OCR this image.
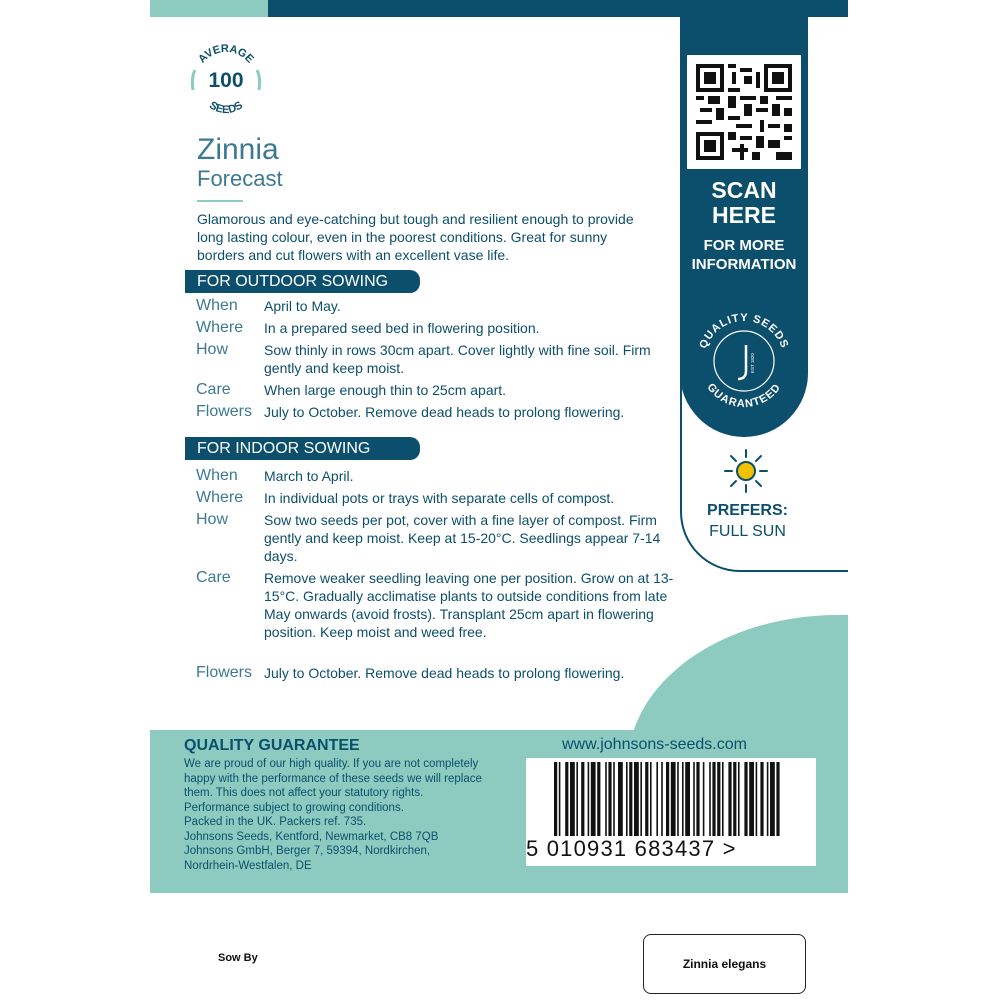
AVERAGE
SEEDS
100
Zinnia
Forecast
Glamorous and eye-catching but tough and resilient enough to provide long lasting colour, even in the poorest conditions. Great for sunny borders and cut flowers with an excellent vase life.
FOR OUTDOOR SOWING
When	April to May.
Where	In a prepared seed bed in flowering position.
How	Sow thinly in rows 30cm apart. Cover lightly with fine soil. Firm gently and keep moist.
Care	When large enough thin to 25cm apart.
Flowers July to October. Remove dead heads to prolong flowering.
FOR INDOOR SOWING
When	March to April.
Where	In individual pots or trays with separate cells of compost.
How	Sow two seeds per pot, cover with a fine layer of compost. Firm gently and keep moist. Keep at 15-20°C. Seedlings appear 7-14 days.
Care	Remove weaker seedling leaving one per position. Grow on at 13-15°C. Gradually acclimatise plants to outside conditions from late May onwards (avoid frosts). Transplant 25cm apart in flowering position. Keep moist and weed free.
Flowers July to October. Remove dead heads to prolong flowering.
SCAN HERE
FOR MORE INFORMATION
QUALITY SEEDS
GUARANTEED
EST 1820
PREFERS:
FULL SUN
QUALITY GUARANTEE
We are proud of our high quality. If you are not completely
happy with the performance of these seeds we will replace
them. This does not affect your statutory rights.
Performance subject to growing conditions.
Packed in the UK. Packers ref. 735.
Johnsons Seeds, Kentford, Newmarket, CB8 7QB
Johnsons GmbH, Berger 7, 59394, Nordkirchen,
Nordrhein-Westfalen, DE
www.johnsons-seeds.com
5 010931 683437 >
Sow By	Zinnia elegans
